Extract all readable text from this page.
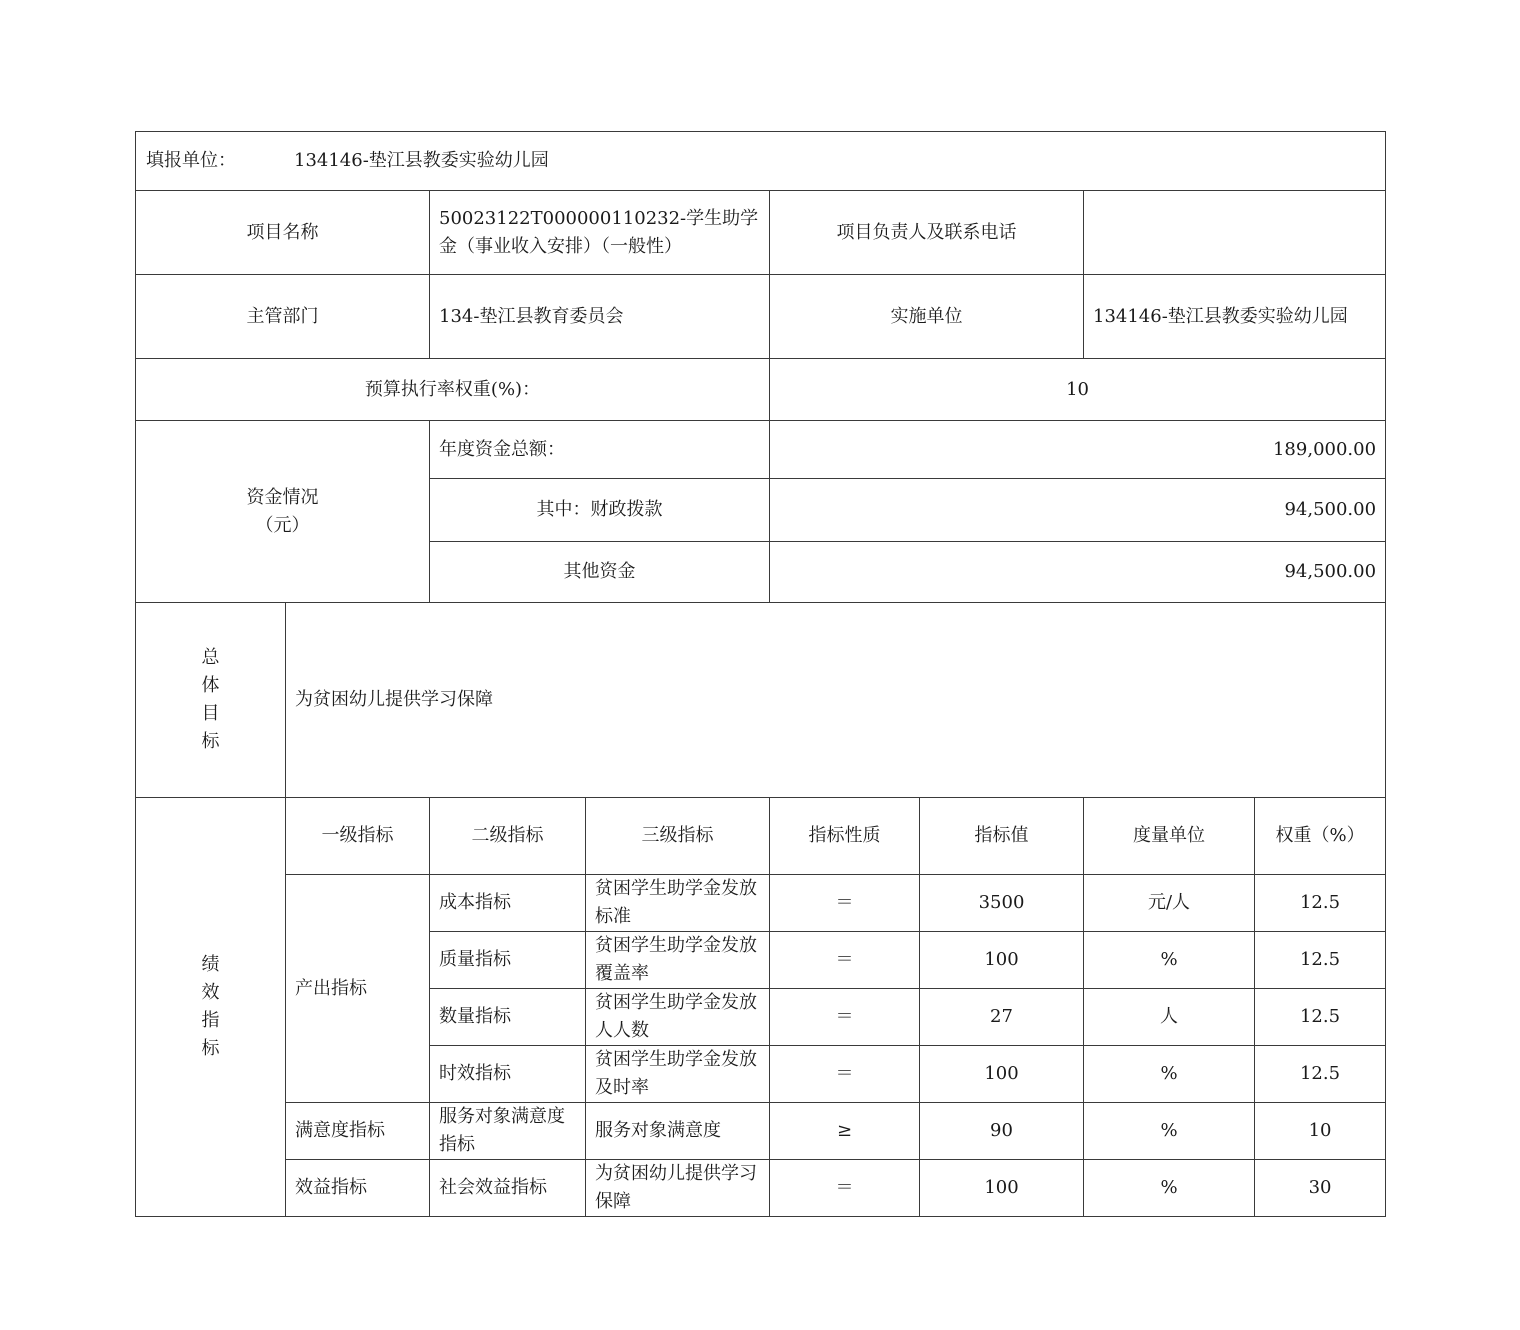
填报单位： 134146-垫江县教委实验幼儿园							
项目名称		50023122T000000110232-学生助学金（事业收入安排）（一般性）		项目负责人及联系电话			
主管部门		134-垫江县教育委员会		实施单位		134146-垫江县教委实验幼儿园	
预算执行率权重(%)：				10			

资金情况
（元）		年度资金总额：		189,000.00			
		其中：财政拨款		94,500.00			
		其他资金		94,500.00			

总体目标	为贫困幼儿提供学习保障						

绩效指标	一级指标	二级指标	三级指标	指标性质	指标值	度量单位	权重（%）
	产出指标	成本指标	贫困学生助学金发放标准	＝	3500	元/人	12.5
		质量指标	贫困学生助学金发放覆盖率	＝	100	%	12.5
		数量指标	贫困学生助学金发放人人数	＝	27	人	12.5
		时效指标	贫困学生助学金发放及时率	＝	100	%	12.5
	满意度指标	服务对象满意度指标	服务对象满意度	≥	90	%	10
	效益指标	社会效益指标	为贫困幼儿提供学习保障	＝	100	%	30
